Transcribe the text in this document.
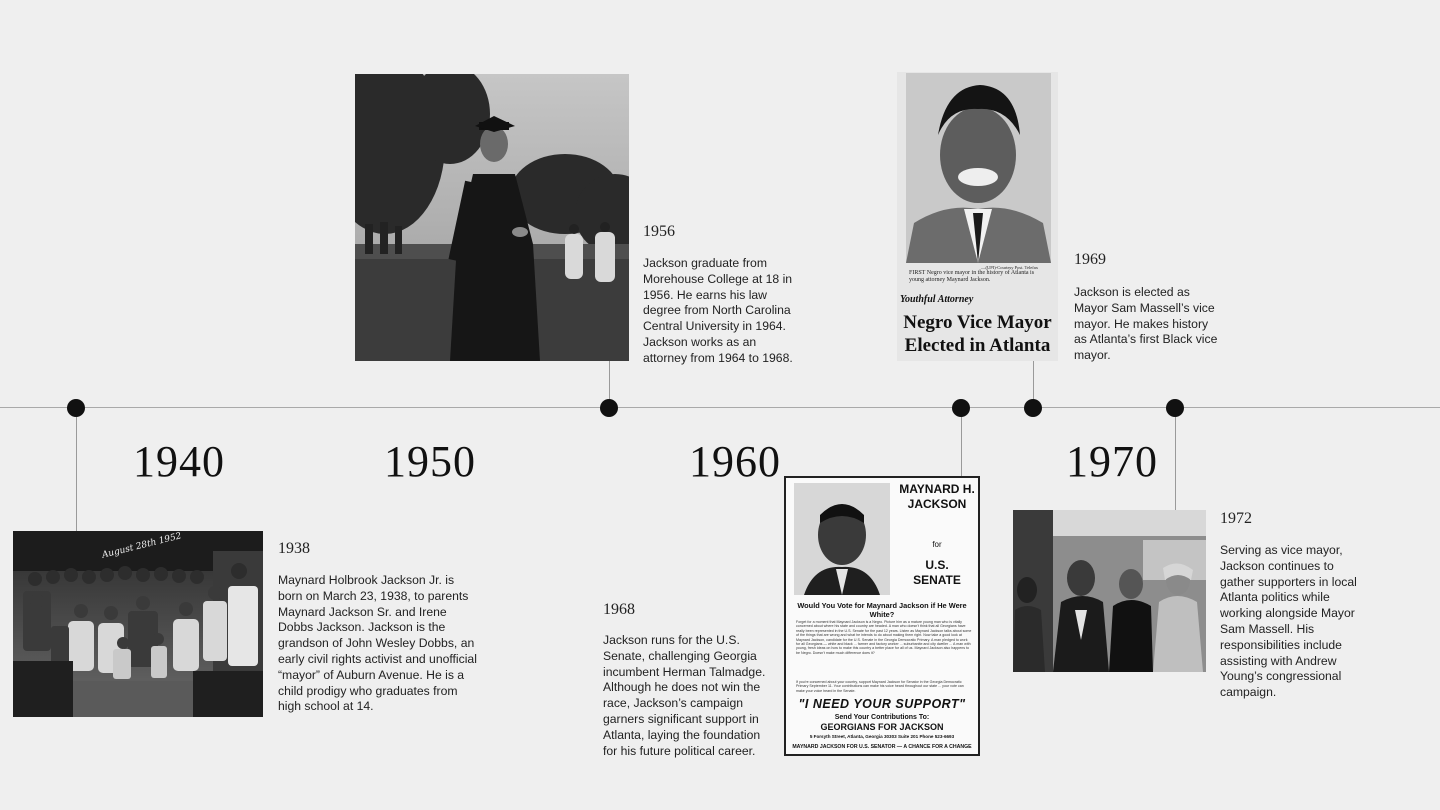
1940	1950	1960	1970
August 28th 1952	1938
Maynard Holbrook Jackson Jr. is born on March 23, 1938, to parents Maynard Jackson Sr. and Irene Dobbs Jackson. Jackson is the grandson of John Wesley Dobbs, an early civil rights activist and unofficial “mayor” of Auburn Avenue. He is a child prodigy who graduates from high school at 14.
1956
Jackson graduate from Morehouse College at 18 in 1956. He earns his law degree from North Carolina Central University in 1964. Jackson works as an attorney from 1964 to 1968.
MAYNARD H. JACKSON
for
U.S. SENATE
Would You Vote for Maynard Jackson if He Were White?
Forget for a moment that Maynard Jackson is a Negro. Picture him as a mature young man who is vitally concerned about where his state and country are headed. A man who doesn't think that all Georgians have really been represented in the U.S. Senate for the past 12 years. Listen as Maynard Jackson talks about some of the things that are wrong and what he intends to do about making them right. Now take a good look at Maynard Jackson, candidate for the U.S. Senate in the Georgia Democratic Primary. A man pledged to work for all Georgians — white and black ... farmer and factory worker ... suburbanite and city dweller ... A man with young, fresh ideas on how to make this country a better place for all of us. Maynard Jackson also happens to be Negro. Doesn't make much difference does it?
If you're concerned about your country, support Maynard Jackson for Senator in the Georgia Democratic Primary September 11. Your contributions can make his voice heard throughout our state ... your vote can make your voice heard in the Senate.
"I NEED YOUR SUPPORT"
Send Your Contributions To:
GEORGIANS FOR JACKSON
5 Forsyth Street, Atlanta, Georgia 30303 Suite 201 Phone 523-6693
MAYNARD JACKSON FOR U.S. SENATOR — A CHANCE FOR A CHANGE
1968
Jackson runs for the U.S. Senate, challenging Georgia incumbent Herman Talmadge. Although he does not win the race, Jackson’s campaign garners significant support in Atlanta, laying the foundation for his future political career.
—(UPI)-Courtesy Post. Telefax
FIRST Negro vice mayor in the history of Atlanta is young attorney Maynard Jackson.
Youthful Attorney
Negro Vice Mayor Elected in Atlanta
1969
Jackson is elected as Mayor Sam Massell’s vice mayor. He makes history as Atlanta’s first Black vice mayor.
1972
Serving as vice mayor, Jackson continues to gather supporters in local Atlanta politics while working alongside Mayor Sam Massell. His responsibilities include assisting with Andrew Young’s congressional campaign.
